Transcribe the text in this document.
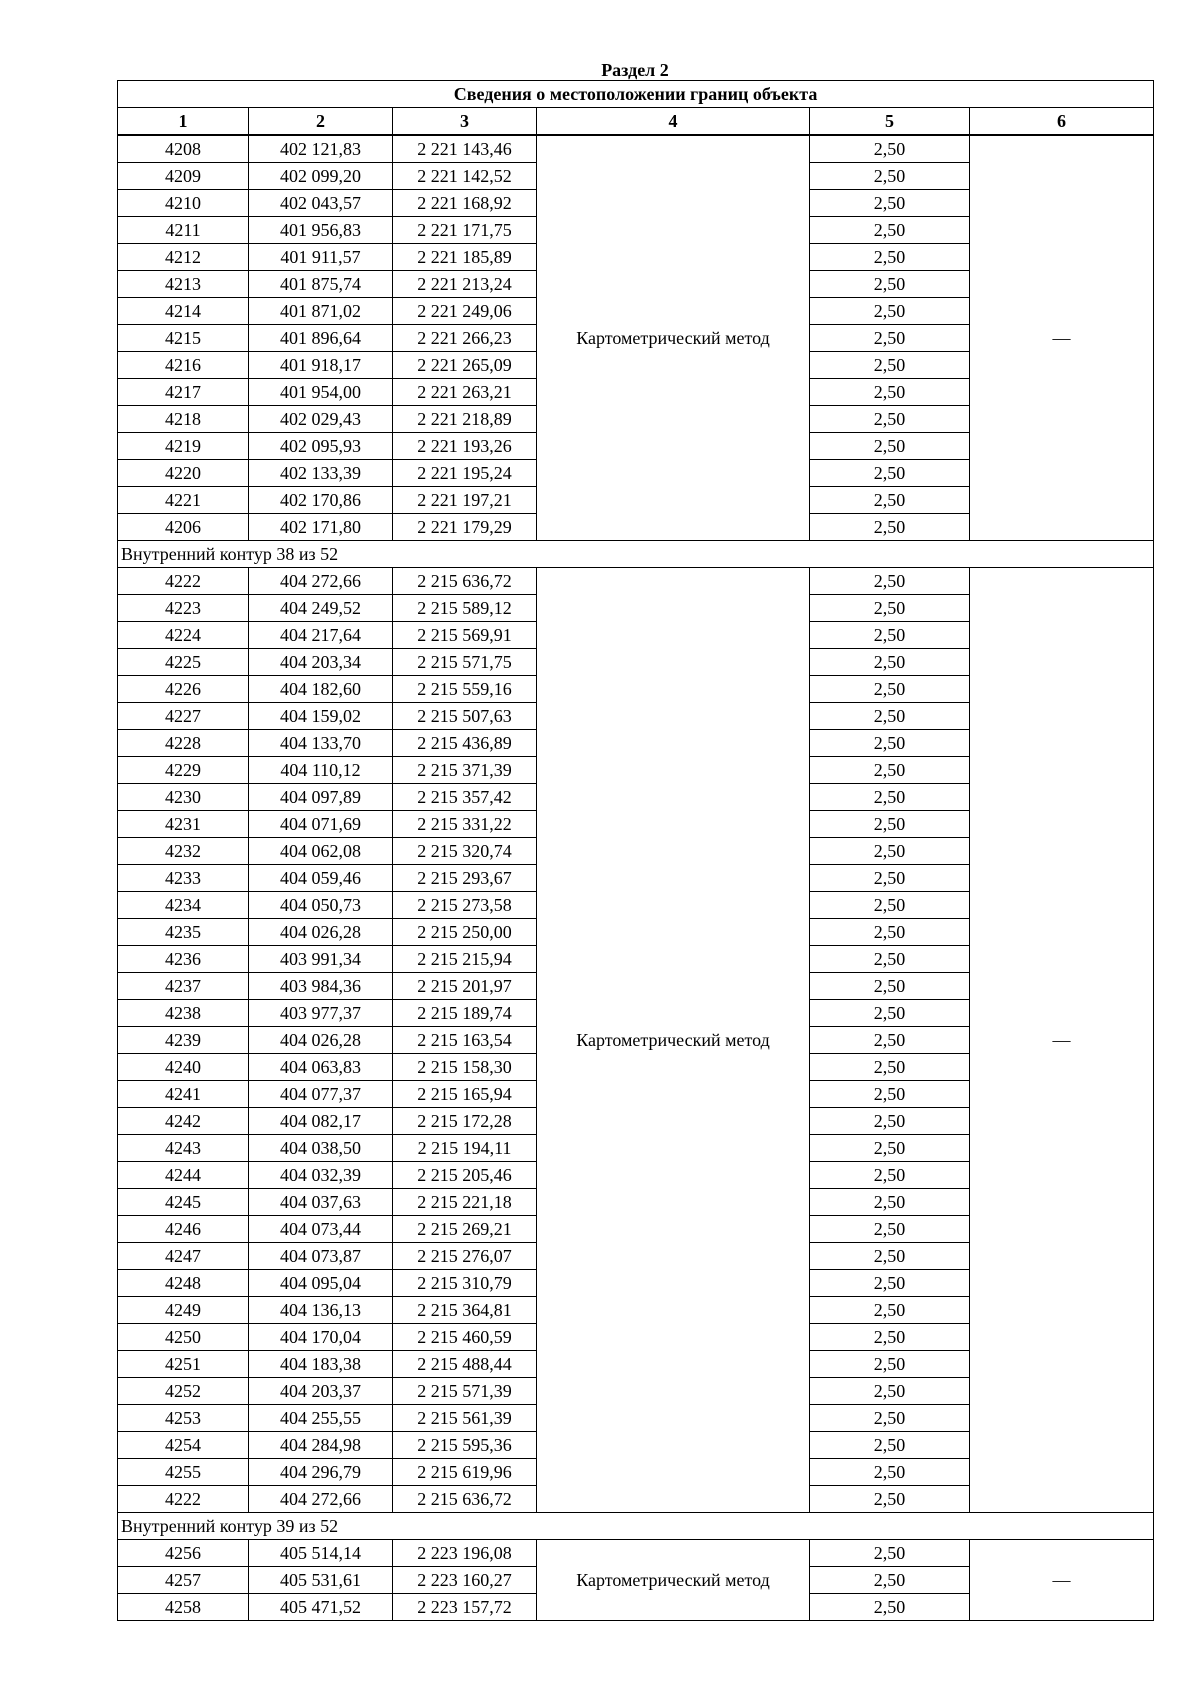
Раздел 2
Сведения о местоположении границ объекта					
1	2	3	4	5	6
4208	402 121,83	2 221 143,46	Картометрический метод	2,50	—
4209	402 099,20	2 221 142,52		2,50	
4210	402 043,57	2 221 168,92		2,50	
4211	401 956,83	2 221 171,75		2,50	
4212	401 911,57	2 221 185,89		2,50	
4213	401 875,74	2 221 213,24		2,50	
4214	401 871,02	2 221 249,06		2,50	
4215	401 896,64	2 221 266,23		2,50	
4216	401 918,17	2 221 265,09		2,50	
4217	401 954,00	2 221 263,21		2,50	
4218	402 029,43	2 221 218,89		2,50	
4219	402 095,93	2 221 193,26		2,50	
4220	402 133,39	2 221 195,24		2,50	
4221	402 170,86	2 221 197,21		2,50	
4206	402 171,80	2 221 179,29		2,50	
Внутренний контур 38 из 52					
4222	404 272,66	2 215 636,72	Картометрический метод	2,50	—
4223	404 249,52	2 215 589,12		2,50	
4224	404 217,64	2 215 569,91		2,50	
4225	404 203,34	2 215 571,75		2,50	
4226	404 182,60	2 215 559,16		2,50	
4227	404 159,02	2 215 507,63		2,50	
4228	404 133,70	2 215 436,89		2,50	
4229	404 110,12	2 215 371,39		2,50	
4230	404 097,89	2 215 357,42		2,50	
4231	404 071,69	2 215 331,22		2,50	
4232	404 062,08	2 215 320,74		2,50	
4233	404 059,46	2 215 293,67		2,50	
4234	404 050,73	2 215 273,58		2,50	
4235	404 026,28	2 215 250,00		2,50	
4236	403 991,34	2 215 215,94		2,50	
4237	403 984,36	2 215 201,97		2,50	
4238	403 977,37	2 215 189,74		2,50	
4239	404 026,28	2 215 163,54		2,50	
4240	404 063,83	2 215 158,30		2,50	
4241	404 077,37	2 215 165,94		2,50	
4242	404 082,17	2 215 172,28		2,50	
4243	404 038,50	2 215 194,11		2,50	
4244	404 032,39	2 215 205,46		2,50	
4245	404 037,63	2 215 221,18		2,50	
4246	404 073,44	2 215 269,21		2,50	
4247	404 073,87	2 215 276,07		2,50	
4248	404 095,04	2 215 310,79		2,50	
4249	404 136,13	2 215 364,81		2,50	
4250	404 170,04	2 215 460,59		2,50	
4251	404 183,38	2 215 488,44		2,50	
4252	404 203,37	2 215 571,39		2,50	
4253	404 255,55	2 215 561,39		2,50	
4254	404 284,98	2 215 595,36		2,50	
4255	404 296,79	2 215 619,96		2,50	
4222	404 272,66	2 215 636,72		2,50	
Внутренний контур 39 из 52					
4256	405 514,14	2 223 196,08	Картометрический метод	2,50	—
4257	405 531,61	2 223 160,27		2,50	
4258	405 471,52	2 223 157,72		2,50	
